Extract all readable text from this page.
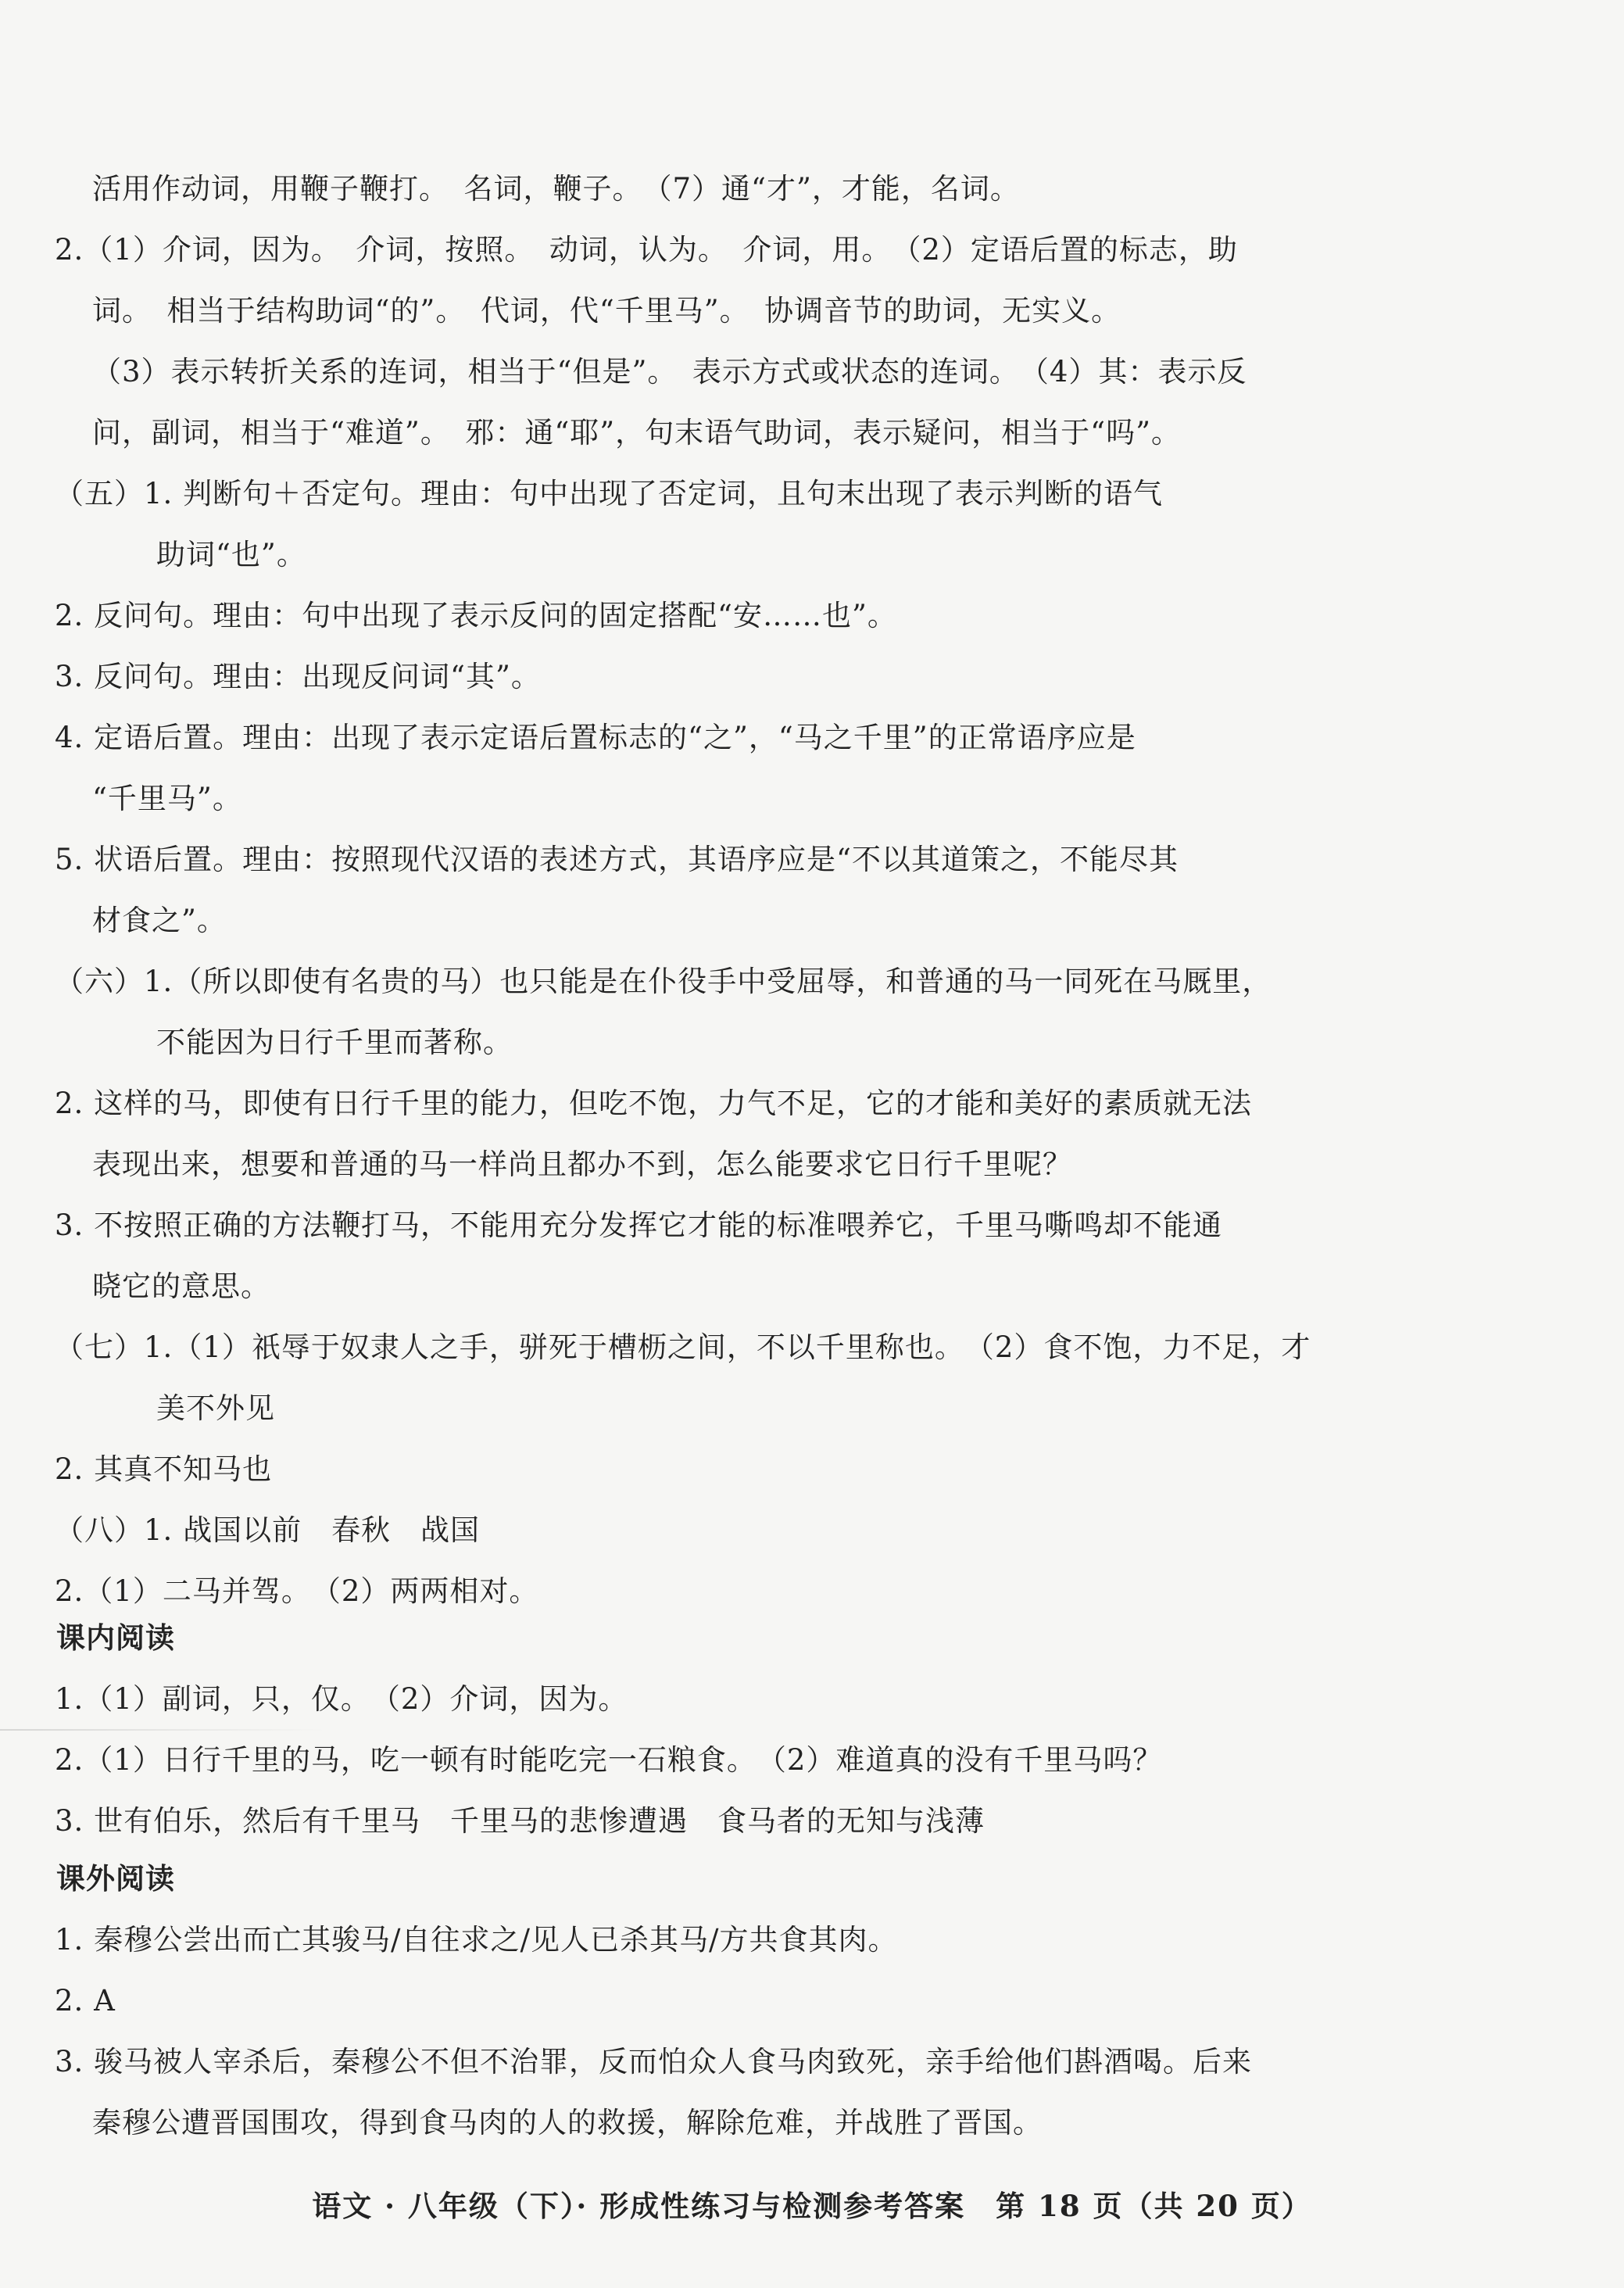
活用作动词，用鞭子鞭打。　名词，鞭子。　（7）通“才”，才能，名词。
2.（1）介词，因为。　介词，按照。　动词，认为。　介词，用。　（2）定语后置的标志，助
词。　相当于结构助词“的”。　代词，代“千里马”。　协调音节的助词，无实义。
（3）表示转折关系的连词，相当于“但是”。　表示方式或状态的连词。　（4）其：表示反
问，副词，相当于“难道”。　邪：通“耶”，句末语气助词，表示疑问，相当于“吗”。
（五）1. 判断句＋否定句。理由：句中出现了否定词，且句末出现了表示判断的语气
助词“也”。
2. 反问句。理由：句中出现了表示反问的固定搭配“安……也”。
3. 反问句。理由：出现反问词“其”。
4. 定语后置。理由：出现了表示定语后置标志的“之”，“马之千里”的正常语序应是
“千里马”。
5. 状语后置。理由：按照现代汉语的表述方式，其语序应是“不以其道策之，不能尽其
材食之”。
（六）1.（所以即使有名贵的马）也只能是在仆役手中受屈辱，和普通的马一同死在马厩里，
不能因为日行千里而著称。
2. 这样的马，即使有日行千里的能力，但吃不饱，力气不足，它的才能和美好的素质就无法
表现出来，想要和普通的马一样尚且都办不到，怎么能要求它日行千里呢？
3. 不按照正确的方法鞭打马，不能用充分发挥它才能的标准喂养它，千里马嘶鸣却不能通
晓它的意思。
（七）1.（1）祇辱于奴隶人之手，骈死于槽枥之间，不以千里称也。　（2）食不饱，力不足，才
美不外见
2. 其真不知马也
（八）1. 战国以前　春秋　战国
2.（1）二马并驾。　（2）两两相对。
课内阅读
1.（1）副词，只，仅。　（2）介词，因为。
2.（1）日行千里的马，吃一顿有时能吃完一石粮食。　（2）难道真的没有千里马吗？
3. 世有伯乐，然后有千里马　千里马的悲惨遭遇　食马者的无知与浅薄
课外阅读
1. 秦穆公尝出而亡其骏马/自往求之/见人已杀其马/方共食其肉。
2. A
3. 骏马被人宰杀后，秦穆公不但不治罪，反而怕众人食马肉致死，亲手给他们斟酒喝。后来
秦穆公遭晋国围攻，得到食马肉的人的救援，解除危难，并战胜了晋国。
语文 · 八年级（下）· 形成性练习与检测参考答案　第 18 页（共 20 页）
